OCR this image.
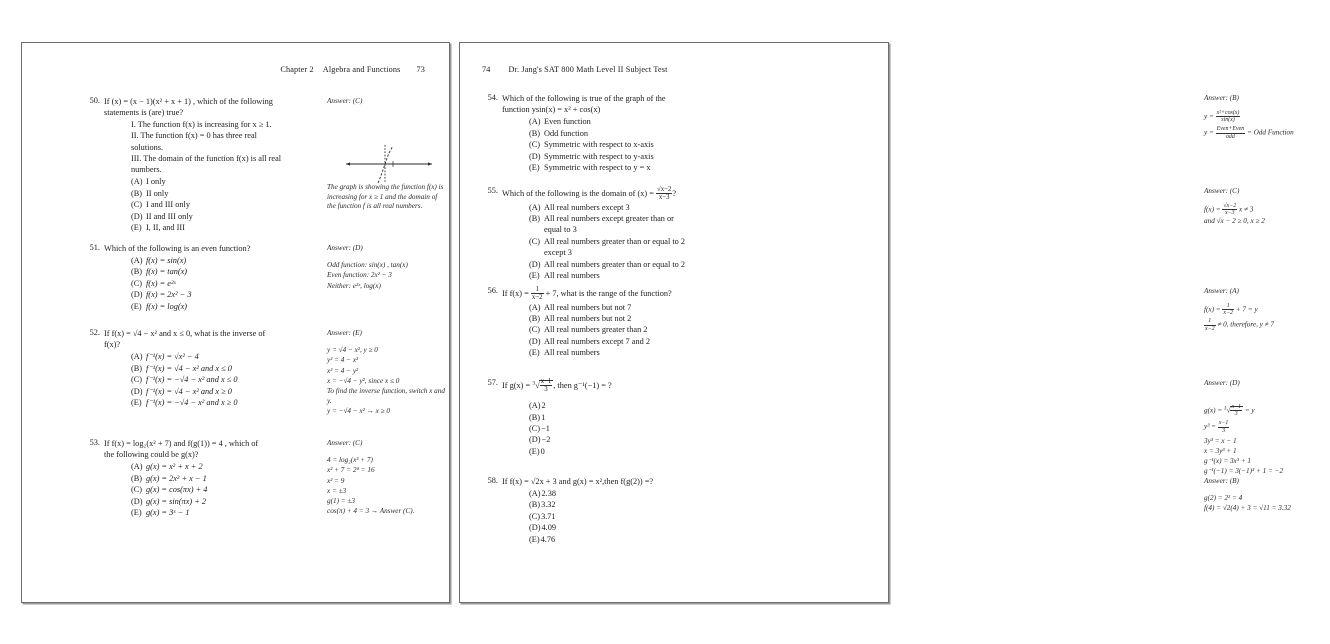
Chapter 2 Algebra and Functions 73
50. If (x) = (x − 1)(x² + x + 1) , which of the following
statements is (are) true?
I. The function f(x) is increasing for x ≥ 1.
II. The function f(x) = 0 has three real
solutions.
III. The domain of the function f(x) is all real
numbers.
(A) I only
(B) II only
(C) I and III only
(D) II and III only
(E) I, II, and III
Answer: (C)
The graph is showing the function f(x) is
increasing for x ≥ 1 and the domain of
the function f is all real numbers.
51. Which of the following is an even function?
(A) f(x) = sin(x)
(B) f(x) = tan(x)
(C) f(x) = e²ˣ
(D) f(x) = 2x² − 3
(E) f(x) = log(x)
Answer: (D)
Odd function: sin(x) , tan(x)
Even function: 2x² − 3
Neither: e²ˣ, log(x)
52. If f(x) = √4 − x² and x ≤ 0, what is the inverse of
f(x)?
(A) f⁻¹(x) = √x² − 4
(B) f⁻¹(x) = √4 − x² and x ≤ 0
(C) f⁻¹(x) = −√4 − x² and x ≤ 0
(D) f⁻¹(x) = √4 − x² and x ≥ 0
(E) f⁻¹(x) = −√4 − x² and x ≥ 0
Answer: (E)
y = √4 − x², y ≥ 0
y² = 4 − x²
x² = 4 − y²
x = −√4 − y², since x ≤ 0
To find the inverse function, switch x and
y.
y = −√4 − x² → x ≥ 0
53. If f(x) = log₂(x² + 7) and f(g(1)) = 4 , which of
the following could be g(x)?
(A) g(x) = x² + x + 2
(B) g(x) = 2x² + x − 1
(C) g(x) = cos(πx) + 4
(D) g(x) = sin(πx) + 2
(E) g(x) = 3ˣ − 1
Answer: (C)
4 = log₂(x² + 7)
x² + 7 = 2⁴ = 16
x² = 9
x = ±3
g(1) = ±3
cos(π) + 4 = 3 → Answer (C).
74 Dr. Jang's SAT 800 Math Level II Subject Test
54. Which of the following is true of the graph of the
function ysin(x) = x² + cos(x)
(A) Even function
(B) Odd function
(C) Symmetric with respect to x-axis
(D) Symmetric with respect to y-axis
(E) Symmetric with respect to y = x
Answer: (B)
$y = \frac{\text{x²+cos(x)}}{\sin(x)}$
$y = \frac{\text{Even+Even}}{\text{odd}}$ = Odd Function
55. Which of the following is the domain of $(x) = \frac{√x-2}{x-3}$ ?
(A) All real numbers except 3
(B) All real numbers except greater than or
equal to 3
(C) All real numbers greater than or equal to 2
except 3
(D) All real numbers greater than or equal to 2
(E) All real numbers
Answer: (C)
$f(x) = \frac{√x-2}{x-3}$ x ≠ 3
and √x − 2 ≥ 0, x ≥ 2
56. If $f(x) = \frac{1}{x-2} + 7$, what is the range of the function?
(A) All real numbers but not 7
(B) All real numbers but not 2
(C) All real numbers greater than 2
(D) All real numbers except 7 and 2
(E) All real numbers
Answer: (A)
$f(x) = \frac{1}{x-2} + 7 = y$
$\frac{1}{x-2} \ne 0$, therefore, y ≠ 7
57. If $g(x) = ^3√ \frac{x-1}{3}$ , then g⁻¹(−1) = ?
(A)2
(B)1
(C)−1
(D)−2
(E)0
Answer: (D)
$g(x) = ^3√ \frac{x-1}{3} = y$
$y^3 = \frac{x-1}{3}$
3y³ = x − 1
x = 3y³ + 1
g⁻¹(x) = 3x³ + 1
g⁻¹(−1) = 3(−1)³ + 1 = −2
58. If f(x) = √2x + 3 and g(x) = x²,then f(g(2)) =?
(A)2.38
(B)3.32
(C)3.71
(D)4.09
(E)4.76
Answer: (B)
g(2) = 2² = 4
f(4) = √2(4) + 3 = √11 = 3.32
